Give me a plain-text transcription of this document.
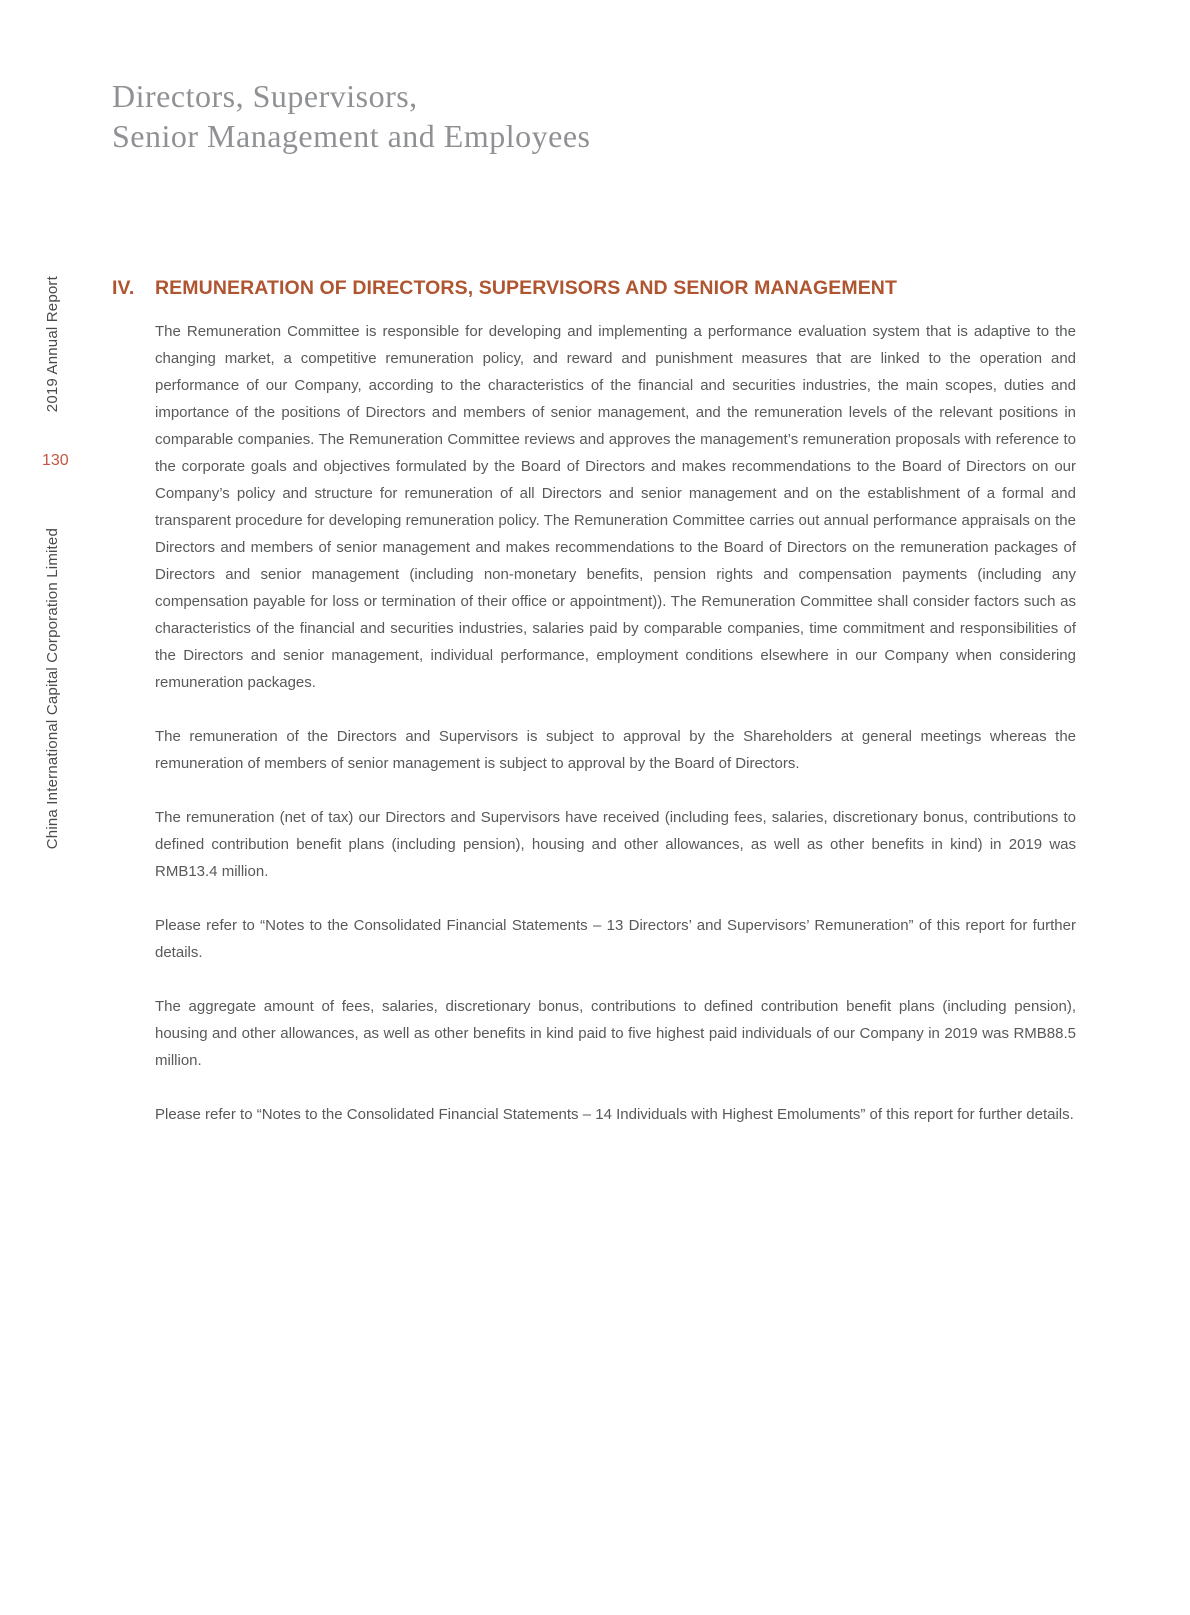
Directors, Supervisors,
Senior Management and Employees
2019 Annual Report
130
China International Capital Corporation Limited
IV.	REMUNERATION OF DIRECTORS, SUPERVISORS AND SENIOR MANAGEMENT

The Remuneration Committee is responsible for developing and implementing a performance evaluation system that is adaptive to the changing market, a competitive remuneration policy, and reward and punishment measures that are linked to the operation and performance of our Company, according to the characteristics of the financial and securities industries, the main scopes, duties and importance of the positions of Directors and members of senior management, and the remuneration levels of the relevant positions in comparable companies. The Remuneration Committee reviews and approves the management’s remuneration proposals with reference to the corporate goals and objectives formulated by the Board of Directors and makes recommendations to the Board of Directors on our Company’s policy and structure for remuneration of all Directors and senior management and on the establishment of a formal and transparent procedure for developing remuneration policy. The Remuneration Committee carries out annual performance appraisals on the Directors and members of senior management and makes recommendations to the Board of Directors on the remuneration packages of Directors and senior management (including non-monetary benefits, pension rights and compensation payments (including any compensation payable for loss or termination of their office or appointment)). The Remuneration Committee shall consider factors such as characteristics of the financial and securities industries, salaries paid by comparable companies, time commitment and responsibilities of the Directors and senior management, individual performance, employment conditions elsewhere in our Company when considering remuneration packages.

The remuneration of the Directors and Supervisors is subject to approval by the Shareholders at general meetings whereas the remuneration of members of senior management is subject to approval by the Board of Directors.

The remuneration (net of tax) our Directors and Supervisors have received (including fees, salaries, discretionary bonus, contributions to defined contribution benefit plans (including pension), housing and other allowances, as well as other benefits in kind) in 2019 was RMB13.4 million.

Please refer to “Notes to the Consolidated Financial Statements – 13 Directors’ and Supervisors’ Remuneration” of this report for further details.

The aggregate amount of fees, salaries, discretionary bonus, contributions to defined contribution benefit plans (including pension), housing and other allowances, as well as other benefits in kind paid to five highest paid individuals of our Company in 2019 was RMB88.5 million.

Please refer to “Notes to the Consolidated Financial Statements – 14 Individuals with Highest Emoluments” of this report for further details.
